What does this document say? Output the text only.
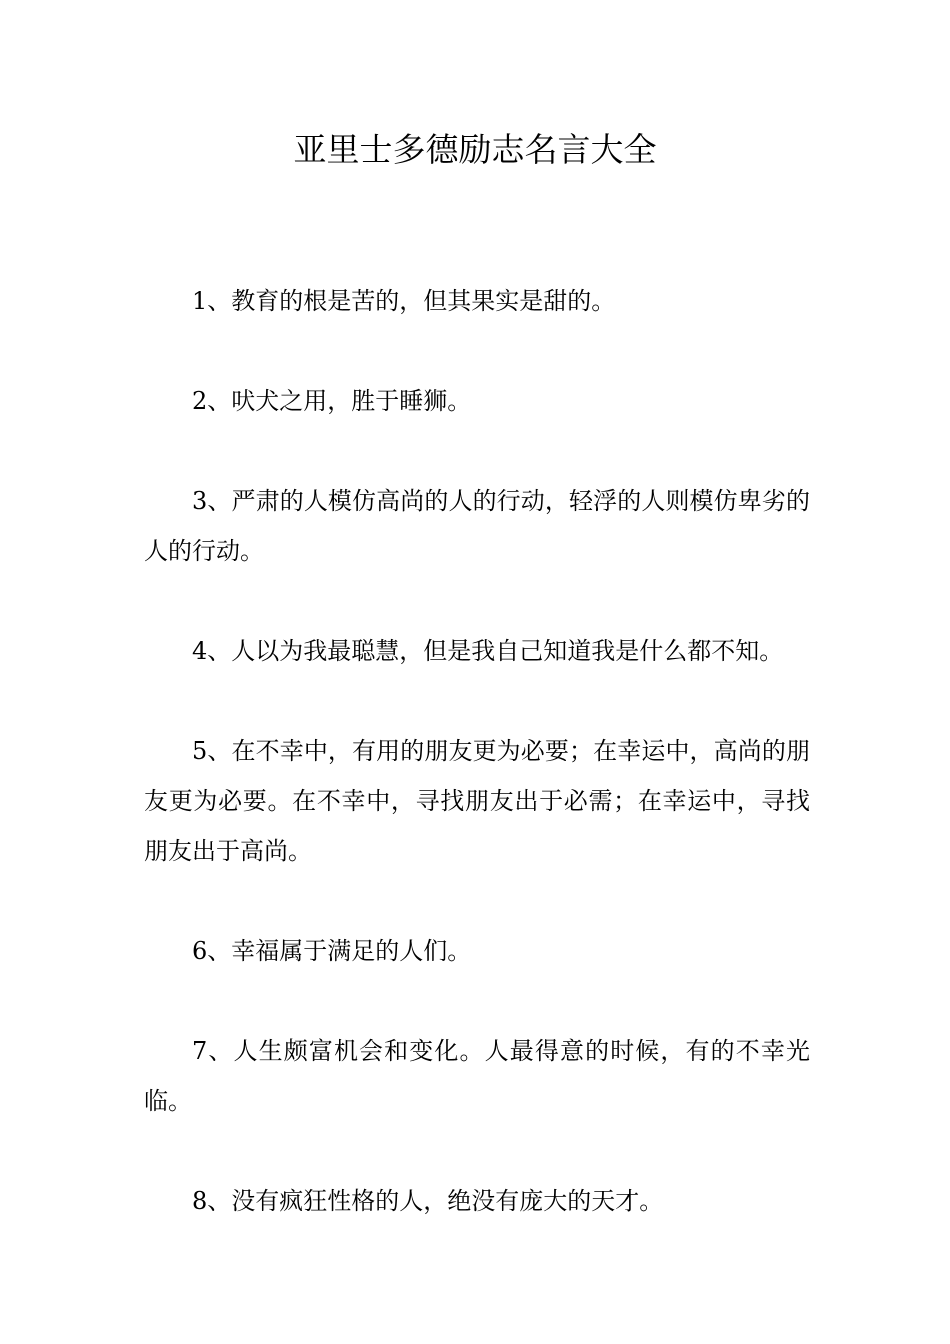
亚里士多德励志名言大全

1、教育的根是苦的，但其果实是甜的。

2、吠犬之用，胜于睡狮。

3、严肃的人模仿高尚的人的行动，轻浮的人则模仿卑劣的人的行动。

4、人以为我最聪慧，但是我自己知道我是什么都不知。

5、在不幸中，有用的朋友更为必要；在幸运中，高尚的朋友更为必要。在不幸中，寻找朋友出于必需；在幸运中，寻找朋友出于高尚。

6、幸福属于满足的人们。

7、人生颇富机会和变化。人最得意的时候，有的不幸光临。

8、没有疯狂性格的人，绝没有庞大的天才。
